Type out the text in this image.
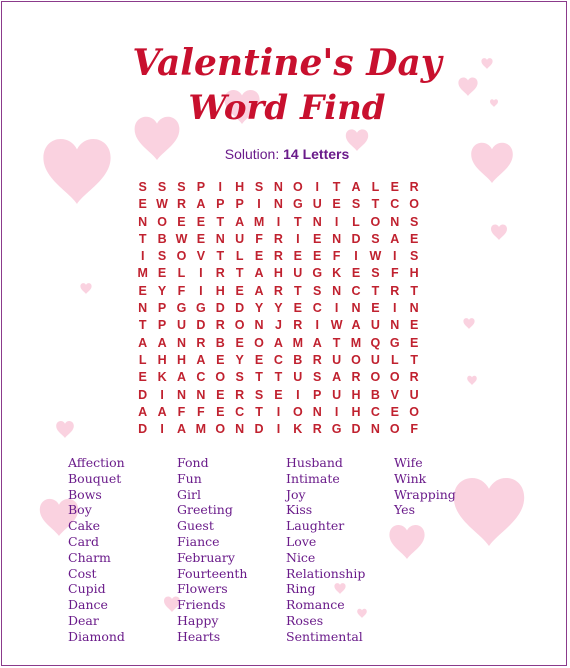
Valentine's Day
Word Find
Solution: 14 Letters
S S S P	I	H S N O	I	T A L E R
E W R A P P	I	N G U E S T C O
N O E E T A M I	T N	I	L O N S
T B W E N U F R	I	E N D S A E
I	S O V T L E R E E F	I W I	S
M E L	I	R T A H U G K E S F H
E Y F	I	H E A R T S N C T R T
N P G G D D Y Y E C	I	N E	I	N
T P U D R O N J R	I W A U N E
A A N R B E O A M A T M Q G E
L H H A E Y E C B R U O U L T
E K A C O S T T U S A R O O R
D	I	N N E R S E	I	P U H B V U
A A F F E C T	I	O N	I	H C E O
D	I	A M O N D	I	K R G D N O F
Affection
Bouquet
Bows
Boy
Cake
Card
Charm
Cost
Cupid
Dance
Dear
Diamond
Fond
Fun
Girl
Greeting
Guest
Fiance
February
Fourteenth
Flowers
Friends
Happy
Hearts
Husband
Intimate
Joy
Kiss
Laughter
Love
Nice
Relationship
Ring
Romance
Roses
Sentimental
Wife
Wink
Wrapping
Yes
